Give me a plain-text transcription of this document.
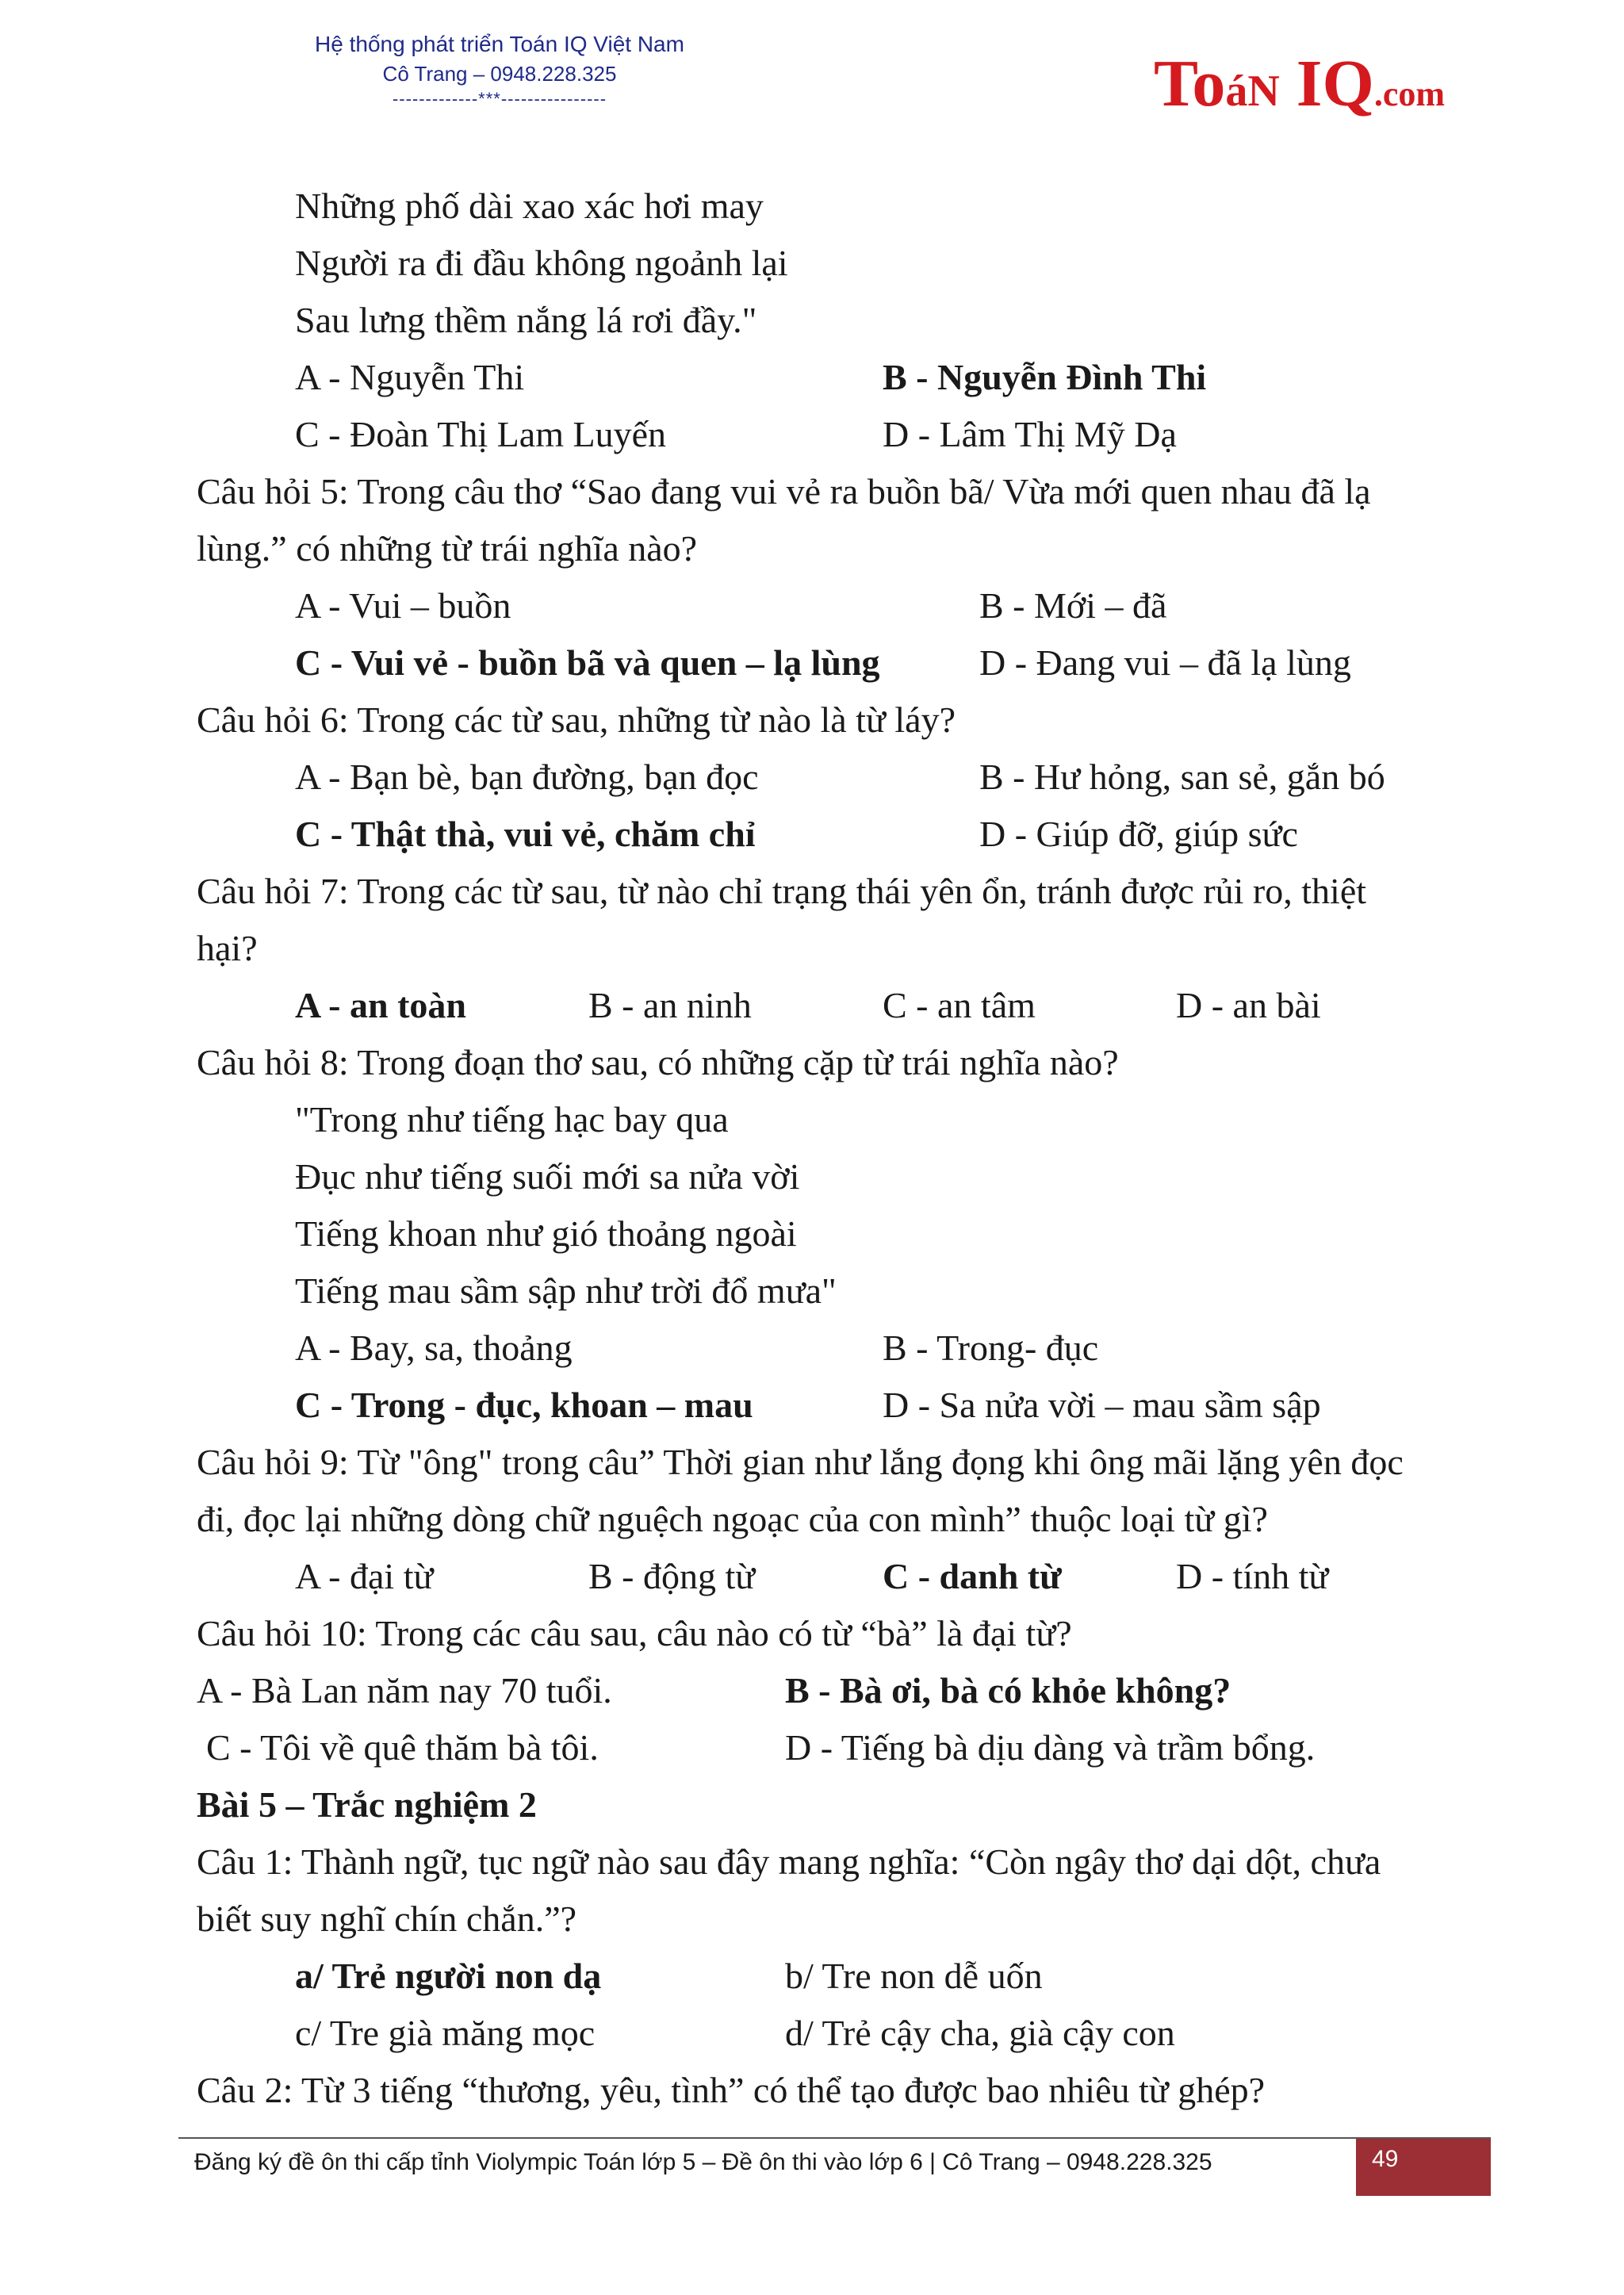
Hệ thống phát triển Toán IQ Việt Nam
Cô Trang – 0948.228.325
-------------***----------------	ToáN IQ.com
Những phố dài xao xác hơi may
Người ra đi đầu không ngoảnh lại
Sau lưng thềm nắng lá rơi đầy."
A - Nguyễn Thi	B - Nguyễn Đình Thi
C - Đoàn Thị Lam Luyến	D - Lâm Thị Mỹ Dạ
Câu hỏi 5: Trong câu thơ “Sao đang vui vẻ ra buồn bã/ Vừa mới quen nhau đã lạ
lùng.” có những từ trái nghĩa nào?
A - Vui – buồn	B - Mới – đã
C - Vui vẻ - buồn bã và quen – lạ lùng	D - Đang vui – đã lạ lùng
Câu hỏi 6: Trong các từ sau, những từ nào là từ láy?
A - Bạn bè, bạn đường, bạn đọc	B - Hư hỏng, san sẻ, gắn bó
C - Thật thà, vui vẻ, chăm chỉ	D - Giúp đỡ, giúp sức
Câu hỏi 7: Trong các từ sau, từ nào chỉ trạng thái yên ổn, tránh được rủi ro, thiệt
hại?
A - an toàn	B - an ninh	C - an tâm	D - an bài
Câu hỏi 8: Trong đoạn thơ sau, có những cặp từ trái nghĩa nào?
"Trong như tiếng hạc bay qua
Đục như tiếng suối mới sa nửa vời
Tiếng khoan như gió thoảng ngoài
Tiếng mau sầm sập như trời đổ mưa"
A - Bay, sa, thoảng	B - Trong- đục
C - Trong - đục, khoan – mau	D - Sa nửa vời – mau sầm sập
Câu hỏi 9: Từ "ông" trong câu” Thời gian như lắng đọng khi ông mãi lặng yên đọc
đi, đọc lại những dòng chữ nguệch ngoạc của con mình” thuộc loại từ gì?
A - đại từ	B - động từ	C - danh từ	D - tính từ
Câu hỏi 10: Trong các câu sau, câu nào có từ “bà” là đại từ?
A - Bà Lan năm nay 70 tuổi.	B - Bà ơi, bà có khỏe không?
C - Tôi về quê thăm bà tôi.	D - Tiếng bà dịu dàng và trầm bổng.
Bài 5 – Trắc nghiệm 2
Câu 1: Thành ngữ, tục ngữ nào sau đây mang nghĩa: “Còn ngây thơ dại dột, chưa
biết suy nghĩ chín chắn.”?
a/ Trẻ người non dạ	b/ Tre non dễ uốn
c/ Tre già măng mọc	d/ Trẻ cậy cha, già cậy con
Câu 2: Từ 3 tiếng “thương, yêu, tình” có thể tạo được bao nhiêu từ ghép?
Đăng ký đề ôn thi cấp tỉnh Violympic Toán lớp 5 – Đề ôn thi vào lớp 6 | Cô Trang – 0948.228.325	49
